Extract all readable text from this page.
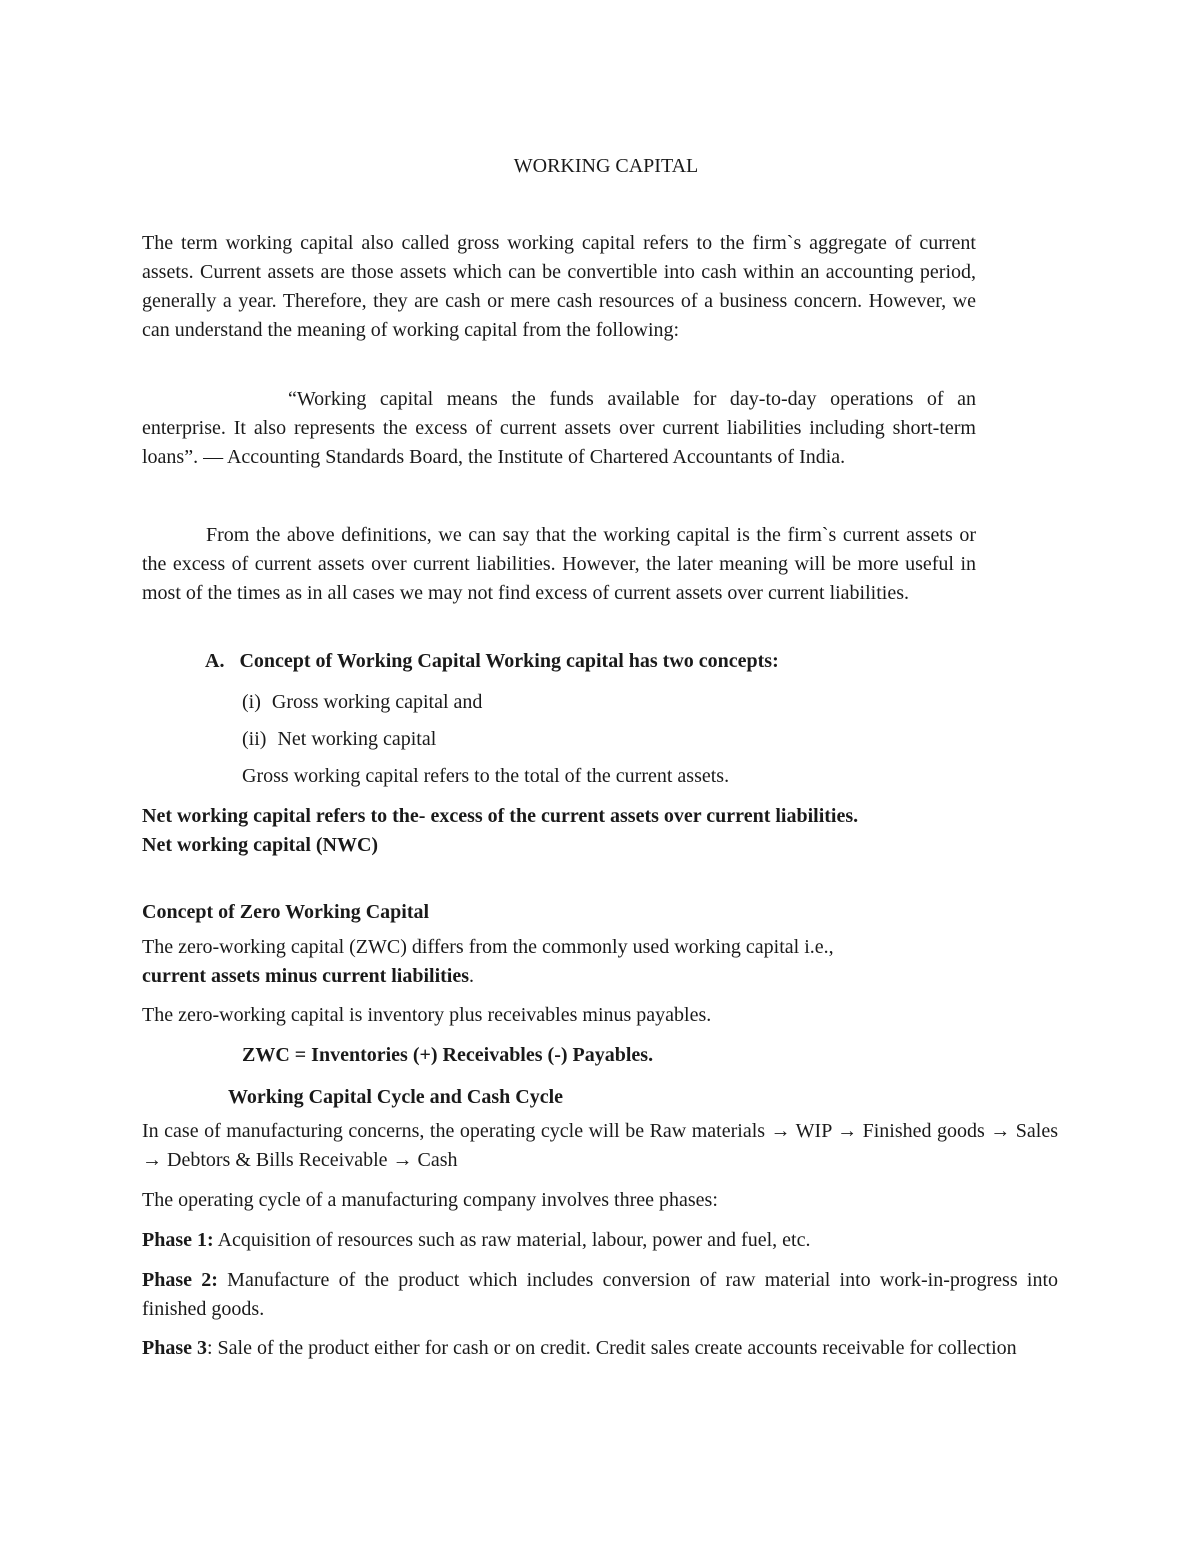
WORKING CAPITAL

The term working capital also called gross working capital refers to the firm`s aggregate of current assets. Current assets are those assets which can be convertible into cash within an accounting period, generally a year. Therefore, they are cash or mere cash resources of a business concern. However, we can understand the meaning of working capital from the following:

“Working capital means the funds available for day-to-day operations of an enterprise. It also represents the excess of current assets over current liabilities including short-term loans”. — Accounting Standards Board, the Institute of Chartered Accountants of India.

From the above definitions, we can say that the working capital is the firm`s current assets or the excess of current assets over current liabilities. However, the later meaning will be more useful in most of the times as in all cases we may not find excess of current assets over current liabilities.

A. Concept of Working Capital Working capital has two concepts:
(i) Gross working capital and
(ii) Net working capital
Gross working capital refers to the total of the current assets.
Net working capital refers to the- excess of the current assets over current liabilities.
Net working capital (NWC)
Concept of Zero Working Capital

The zero-working capital (ZWC) differs from the commonly used working capital i.e.,
current assets minus current liabilities.

The zero-working capital is inventory plus receivables minus payables.
ZWC = Inventories (+) Receivables (-) Payables.
Working Capital Cycle and Cash Cycle

In case of manufacturing concerns, the operating cycle will be Raw materials → WIP → Finished goods → Sales → Debtors & Bills Receivable → Cash

The operating cycle of a manufacturing company involves three phases:

Phase 1: Acquisition of resources such as raw material, labour, power and fuel, etc.

Phase 2: Manufacture of the product which includes conversion of raw material into work-in-progress into finished goods.

Phase 3: Sale of the product either for cash or on credit. Credit sales create accounts receivable for collection
